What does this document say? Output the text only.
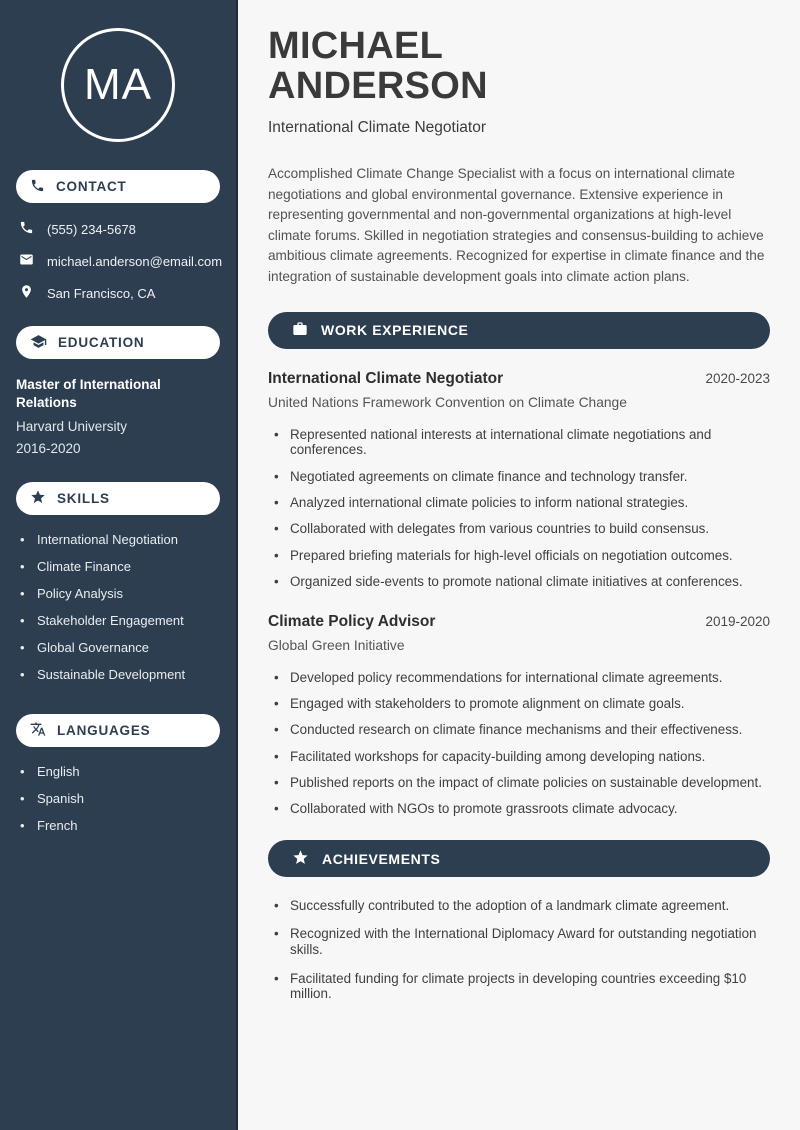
MA
CONTACT
(555) 234-5678
michael.anderson@email.com
San Francisco, CA
EDUCATION
Master of International Relations
Harvard University
2016-2020
SKILLS
• International Negotiation
• Climate Finance
• Policy Analysis
• Stakeholder Engagement
• Global Governance
• Sustainable Development
LANGUAGES
• English
• Spanish
• French
MICHAEL
ANDERSON
International Climate Negotiator

Accomplished Climate Change Specialist with a focus on international climate negotiations and global environmental governance. Extensive experience in representing governmental and non-governmental organizations at high-level climate forums. Skilled in negotiation strategies and consensus-building to achieve ambitious climate agreements. Recognized for expertise in climate finance and the integration of sustainable development goals into climate action plans.

WORK EXPERIENCE
International Climate Negotiator	2020-2023
United Nations Framework Convention on Climate Change
• Represented national interests at international climate negotiations and conferences.
• Negotiated agreements on climate finance and technology transfer.
• Analyzed international climate policies to inform national strategies.
• Collaborated with delegates from various countries to build consensus.
• Prepared briefing materials for high-level officials on negotiation outcomes.
• Organized side-events to promote national climate initiatives at conferences.
Climate Policy Advisor	2019-2020
Global Green Initiative
• Developed policy recommendations for international climate agreements.
• Engaged with stakeholders to promote alignment on climate goals.
• Conducted research on climate finance mechanisms and their effectiveness.
• Facilitated workshops for capacity-building among developing nations.
• Published reports on the impact of climate policies on sustainable development.
• Collaborated with NGOs to promote grassroots climate advocacy.
ACHIEVEMENTS
• Successfully contributed to the adoption of a landmark climate agreement.
• Recognized with the International Diplomacy Award for outstanding negotiation skills.
• Facilitated funding for climate projects in developing countries exceeding $10 million.
